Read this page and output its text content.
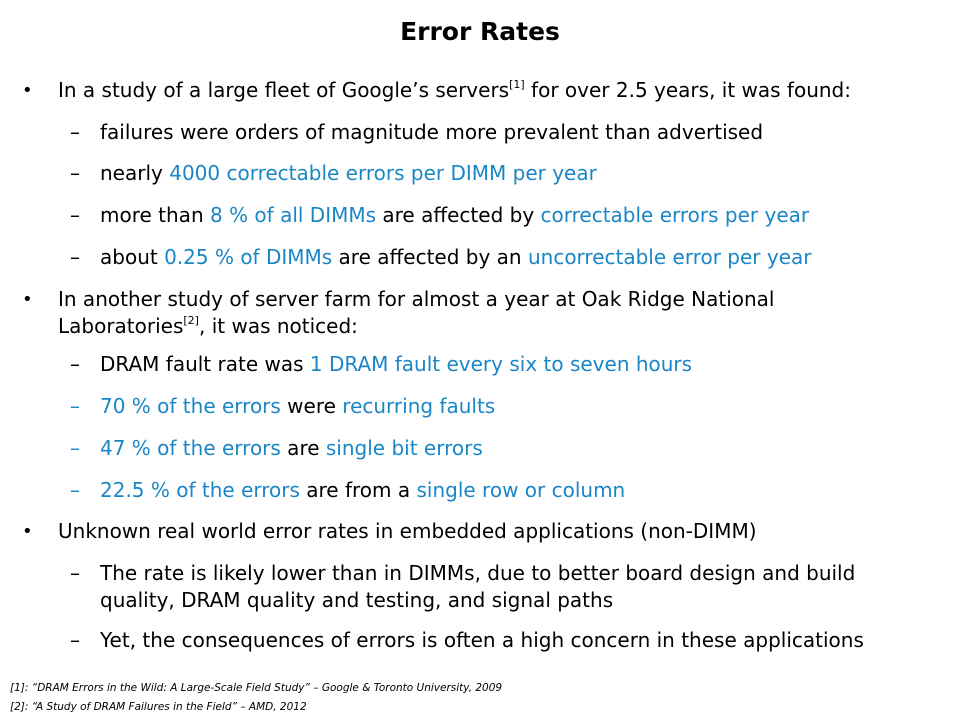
Error Rates
• In a study of a large fleet of Google’s servers[1] for over 2.5 years, it was found:
– failures were orders of magnitude more prevalent than advertised
– nearly 4000 correctable errors per DIMM per year
– more than 8 % of all DIMMs are affected by correctable errors per year
– about 0.25 % of DIMMs are affected by an uncorrectable error per year
• In another study of server farm for almost a year at Oak Ridge National
Laboratories[2], it was noticed:
– DRAM fault rate was 1 DRAM fault every six to seven hours
– 70 % of the errors were recurring faults
– 47 % of the errors are single bit errors
– 22.5 % of the errors are from a single row or column
• Unknown real world error rates in embedded applications (non-DIMM)
– The rate is likely lower than in DIMMs, due to better board design and build
quality, DRAM quality and testing, and signal paths
– Yet, the consequences of errors is often a high concern in these applications
[1]: “DRAM Errors in the Wild: A Large-Scale Field Study” – Google & Toronto University, 2009
[2]: “A Study of DRAM Failures in the Field” – AMD, 2012
